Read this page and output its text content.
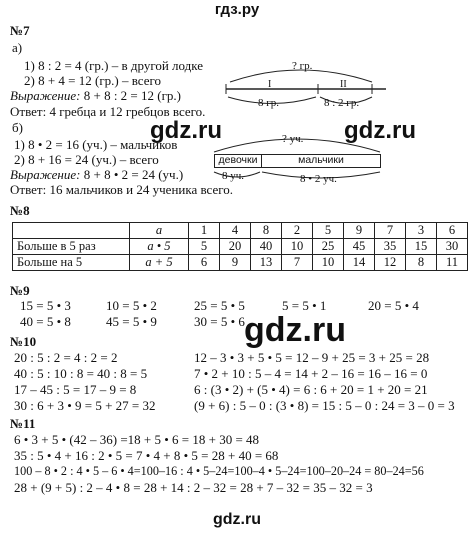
гдз.ру
№7
а)
1) 8 : 2 = 4 (гр.) – в другой лодке
2) 8 + 4 = 12 (гр.) – всего
Выражение: 8 + 8 : 2 = 12 (гр.)
Ответ: 4 гребца и 12 гребцов всего.
? гр.
I	II
8 гр.	8 : 2 гр.
gdz.ru	gdz.ru
б)
1) 8 • 2 = 16 (уч.) – мальчиков
2) 8 + 16 = 24 (уч.) – всего
Выражение: 8 + 8 • 2 = 24 (уч.)
Ответ: 16 мальчиков и 24 ученика всего.
? уч.
девочки	мальчики
8 уч.	8 • 2 уч.
№8
	a	1	4	8	2	5	9	7	3	6
Больше в 5 раз	a • 5	5	20	40	10	25	45	35	15	30
Больше на 5	a + 5	6	9	13	7	10	14	12	8	11
№9
15 = 5 • 3	10 = 5 • 2	25 = 5 • 5	5 = 5 • 1	20 = 5 • 4
40 = 5 • 8	45 = 5 • 9	30 = 5 • 6 gdz.ru
№10
20 : 5 : 2 = 4 : 2 = 2
40 : 5 : 10 : 8 = 40 : 8 = 5
17 – 45 : 5 = 17 – 9 = 8
30 : 6 + 3 • 9 = 5 + 27 = 32
12 – 3 • 3 + 5 • 5 = 12 – 9 + 25 = 3 + 25 = 28
7 • 2 + 10 : 5 – 4 = 14 + 2 – 16 = 16 – 16 = 0
6 : (3 • 2) + (5 • 4) = 6 : 6 + 20 = 1 + 20 = 21
(9 + 6) : 5 – 0 : (3 • 8) = 15 : 5 – 0 : 24 = 3 – 0 = 3
№11
6 • 3 + 5 • (42 – 36) =18 + 5 • 6 = 18 + 30 = 48
35 : 5 • 4 + 16 : 2 • 5 = 7 • 4 + 8 • 5 = 28 + 40 = 68
100 – 8 • 2 : 4 • 5 – 6 • 4=100–16 : 4 • 5–24=100–4 • 5–24=100–20–24 = 80–24=56
28 + (9 + 5) : 2 – 4 • 8 = 28 + 14 : 2 – 32 = 28 + 7 – 32 = 35 – 32 = 3
gdz.ru
